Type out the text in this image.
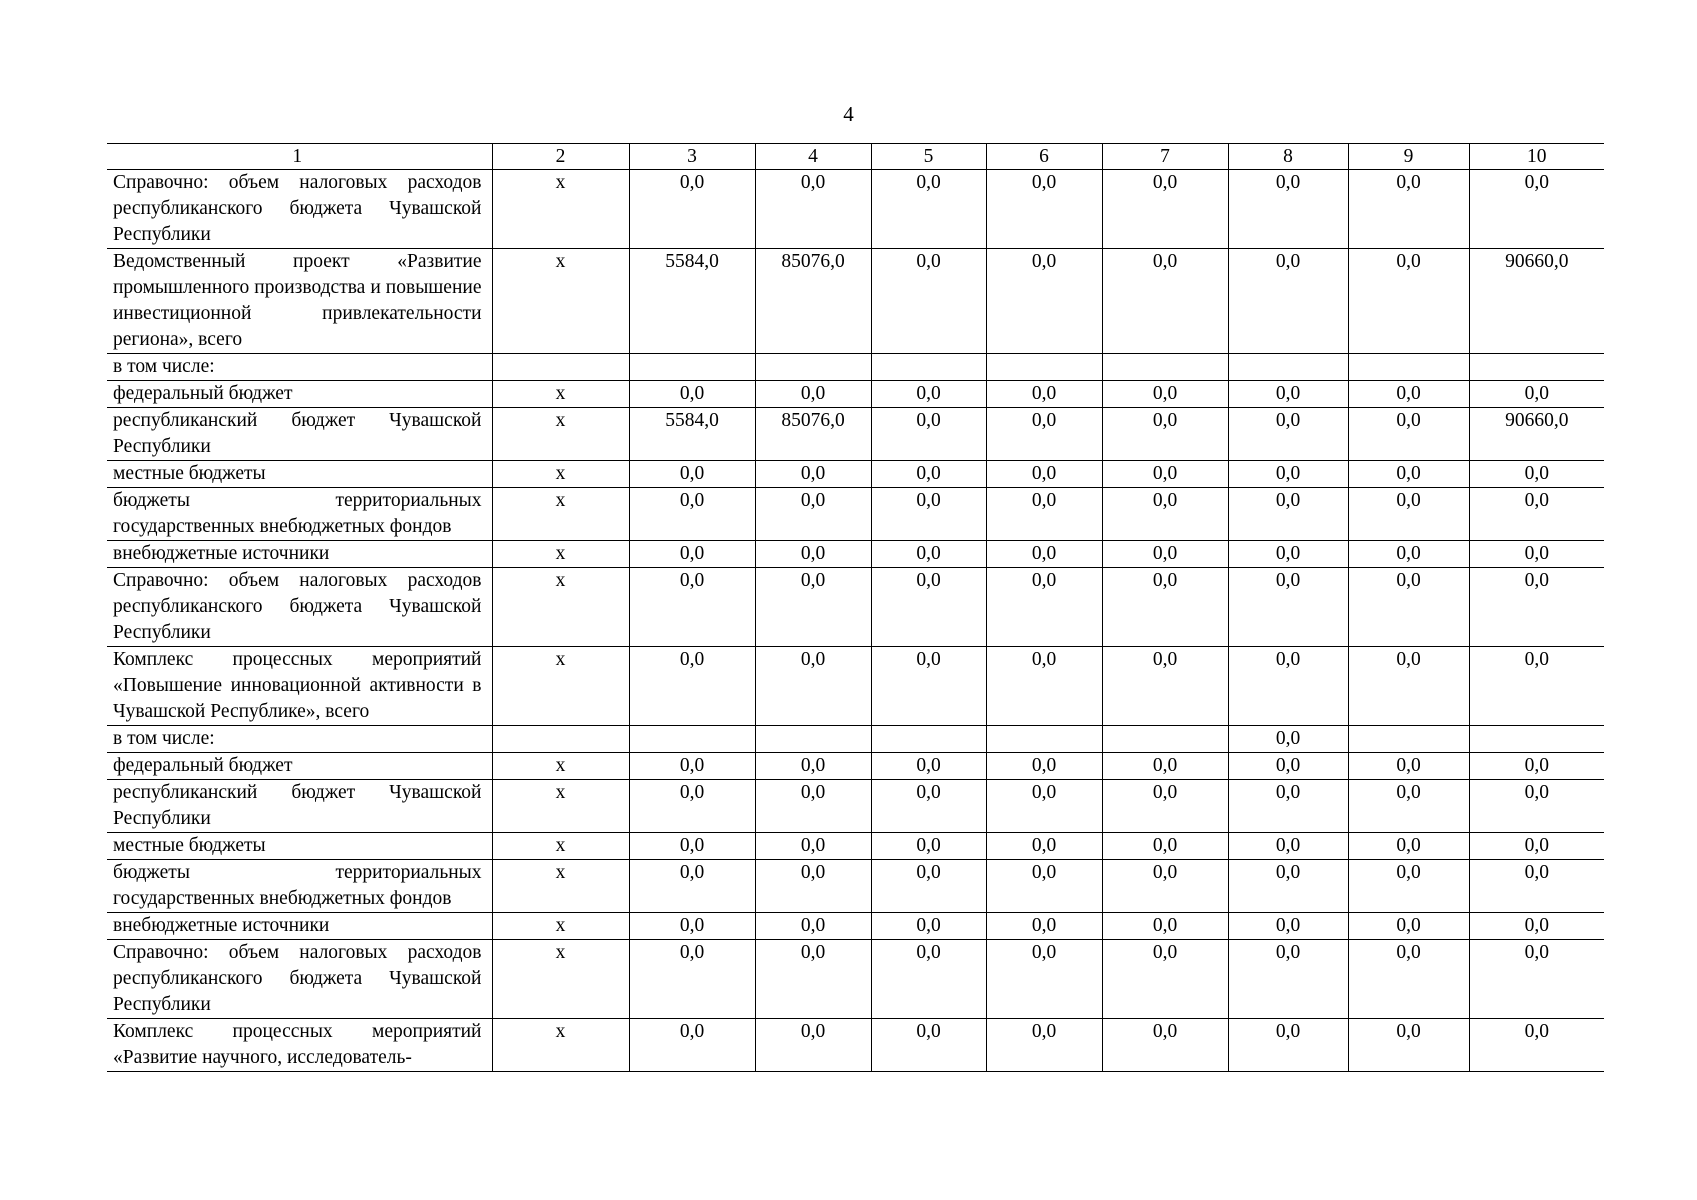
4
1	2	3	4	5	6	7	8	9	10
Справочно: объем налоговых расходов республиканского бюджета Чувашской Республики	x	0,0	0,0	0,0	0,0	0,0	0,0	0,0	0,0
Ведомственный проект «Развитие промышленного производства и повышение инвестиционной привлекательности региона», всего	x	5584,0	85076,0	0,0	0,0	0,0	0,0	0,0	90660,0
в том числе:									
федеральный бюджет	x	0,0	0,0	0,0	0,0	0,0	0,0	0,0	0,0
республиканский бюджет Чувашской Республики	x	5584,0	85076,0	0,0	0,0	0,0	0,0	0,0	90660,0
местные бюджеты	x	0,0	0,0	0,0	0,0	0,0	0,0	0,0	0,0
бюджеты территориальных государственных внебюджетных фондов	x	0,0	0,0	0,0	0,0	0,0	0,0	0,0	0,0
внебюджетные источники	x	0,0	0,0	0,0	0,0	0,0	0,0	0,0	0,0
Справочно: объем налоговых расходов республиканского бюджета Чувашской Республики	x	0,0	0,0	0,0	0,0	0,0	0,0	0,0	0,0
Комплекс процессных мероприятий «Повышение инновационной активности в Чувашской Республике», всего	x	0,0	0,0	0,0	0,0	0,0	0,0	0,0	0,0
в том числе:							0,0		
федеральный бюджет	x	0,0	0,0	0,0	0,0	0,0	0,0	0,0	0,0
республиканский бюджет Чувашской Республики	x	0,0	0,0	0,0	0,0	0,0	0,0	0,0	0,0
местные бюджеты	x	0,0	0,0	0,0	0,0	0,0	0,0	0,0	0,0
бюджеты территориальных государственных внебюджетных фондов	x	0,0	0,0	0,0	0,0	0,0	0,0	0,0	0,0
внебюджетные источники	x	0,0	0,0	0,0	0,0	0,0	0,0	0,0	0,0
Справочно: объем налоговых расходов республиканского бюджета Чувашской Республики	x	0,0	0,0	0,0	0,0	0,0	0,0	0,0	0,0
Комплекс процессных мероприятий «Развитие научного, исследователь-	x	0,0	0,0	0,0	0,0	0,0	0,0	0,0	0,0
